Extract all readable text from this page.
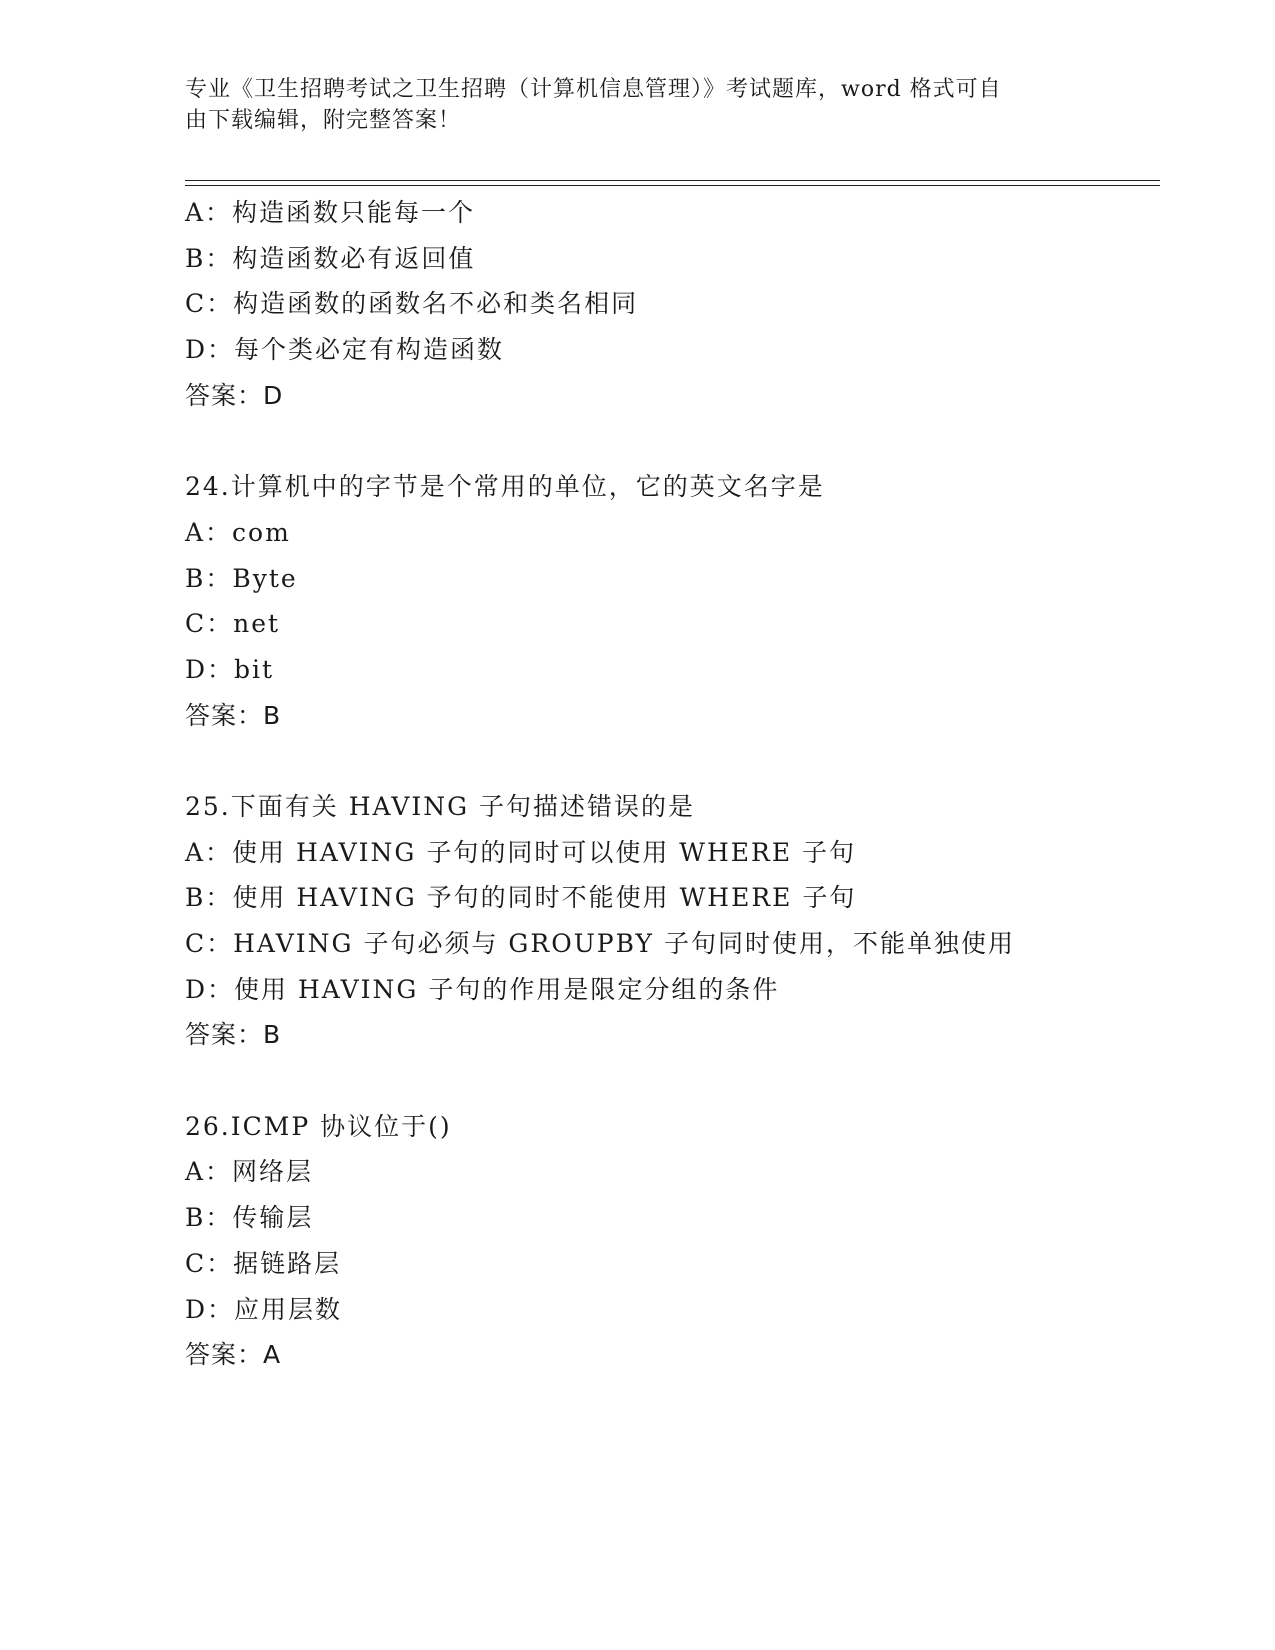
专业《卫生招聘考试之卫生招聘（计算机信息管理）》考试题库，word 格式可自
由下载编辑，附完整答案！
A：构造函数只能每一个
B：构造函数必有返回值
C：构造函数的函数名不必和类名相同
D：每个类必定有构造函数
答案：D
24.计算机中的字节是个常用的单位，它的英文名字是
A：com
B：Byte
C：net
D：bit
答案：B
25.下面有关 HAVING 子句描述错误的是
A：使用 HAVING 子句的同时可以使用 WHERE 子句
B：使用 HAVING 予句的同时不能使用 WHERE 子句
C：HAVING 子句必须与 GROUPBY 子句同时使用，不能单独使用
D：使用 HAVING 子句的作用是限定分组的条件
答案：B
26.ICMP 协议位于()
A：网络层
B：传输层
C：据链路层
D：应用层数
答案：A
